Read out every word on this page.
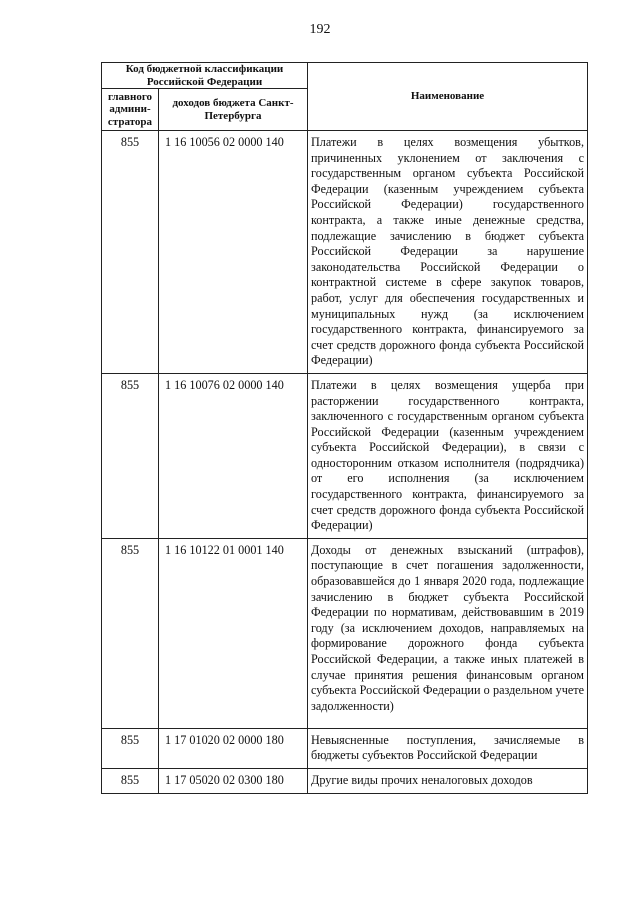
192
Код бюджетной классификации Российской Федерации		Наименование
главного админи-стратора	доходов бюджета Санкт-Петербурга	
855	1 16 10056 02 0000 140	Платежи в целях возмещения убытков, причиненных уклонением от заключения с государственным органом субъекта Российской Федерации (казенным учреждением субъекта Российской Федерации) государственного контракта, а также иные денежные средства, подлежащие зачислению в бюджет субъекта Российской Федерации за нарушение законодательства Российской Федерации о контрактной системе в сфере закупок товаров, работ, услуг для обеспечения государственных и муниципальных нужд (за исключением государственного контракта, финансируемого за счет средств дорожного фонда субъекта Российской Федерации)
855	1 16 10076 02 0000 140	Платежи в целях возмещения ущерба при расторжении государственного контракта, заключенного с государственным органом субъекта Российской Федерации (казенным учреждением субъекта Российской Федерации), в связи с односторонним отказом исполнителя (подрядчика) от его исполнения (за исключением государственного контракта, финансируемого за счет средств дорожного фонда субъекта Российской Федерации)
855	1 16 10122 01 0001 140	Доходы от денежных взысканий (штрафов), поступающие в счет погашения задолженности, образовавшейся до 1 января 2020 года, подлежащие зачислению в бюджет субъекта Российской Федерации по нормативам, действовавшим в 2019 году (за исключением доходов, направляемых на формирование дорожного фонда субъекта Российской Федерации, а также иных платежей в случае принятия решения финансовым органом субъекта Российской Федерации о раздельном учете задолженности)
855	1 17 01020 02 0000 180	Невыясненные поступления, зачисляемые в бюджеты субъектов Российской Федерации
855	1 17 05020 02 0300 180	Другие виды прочих неналоговых доходов
